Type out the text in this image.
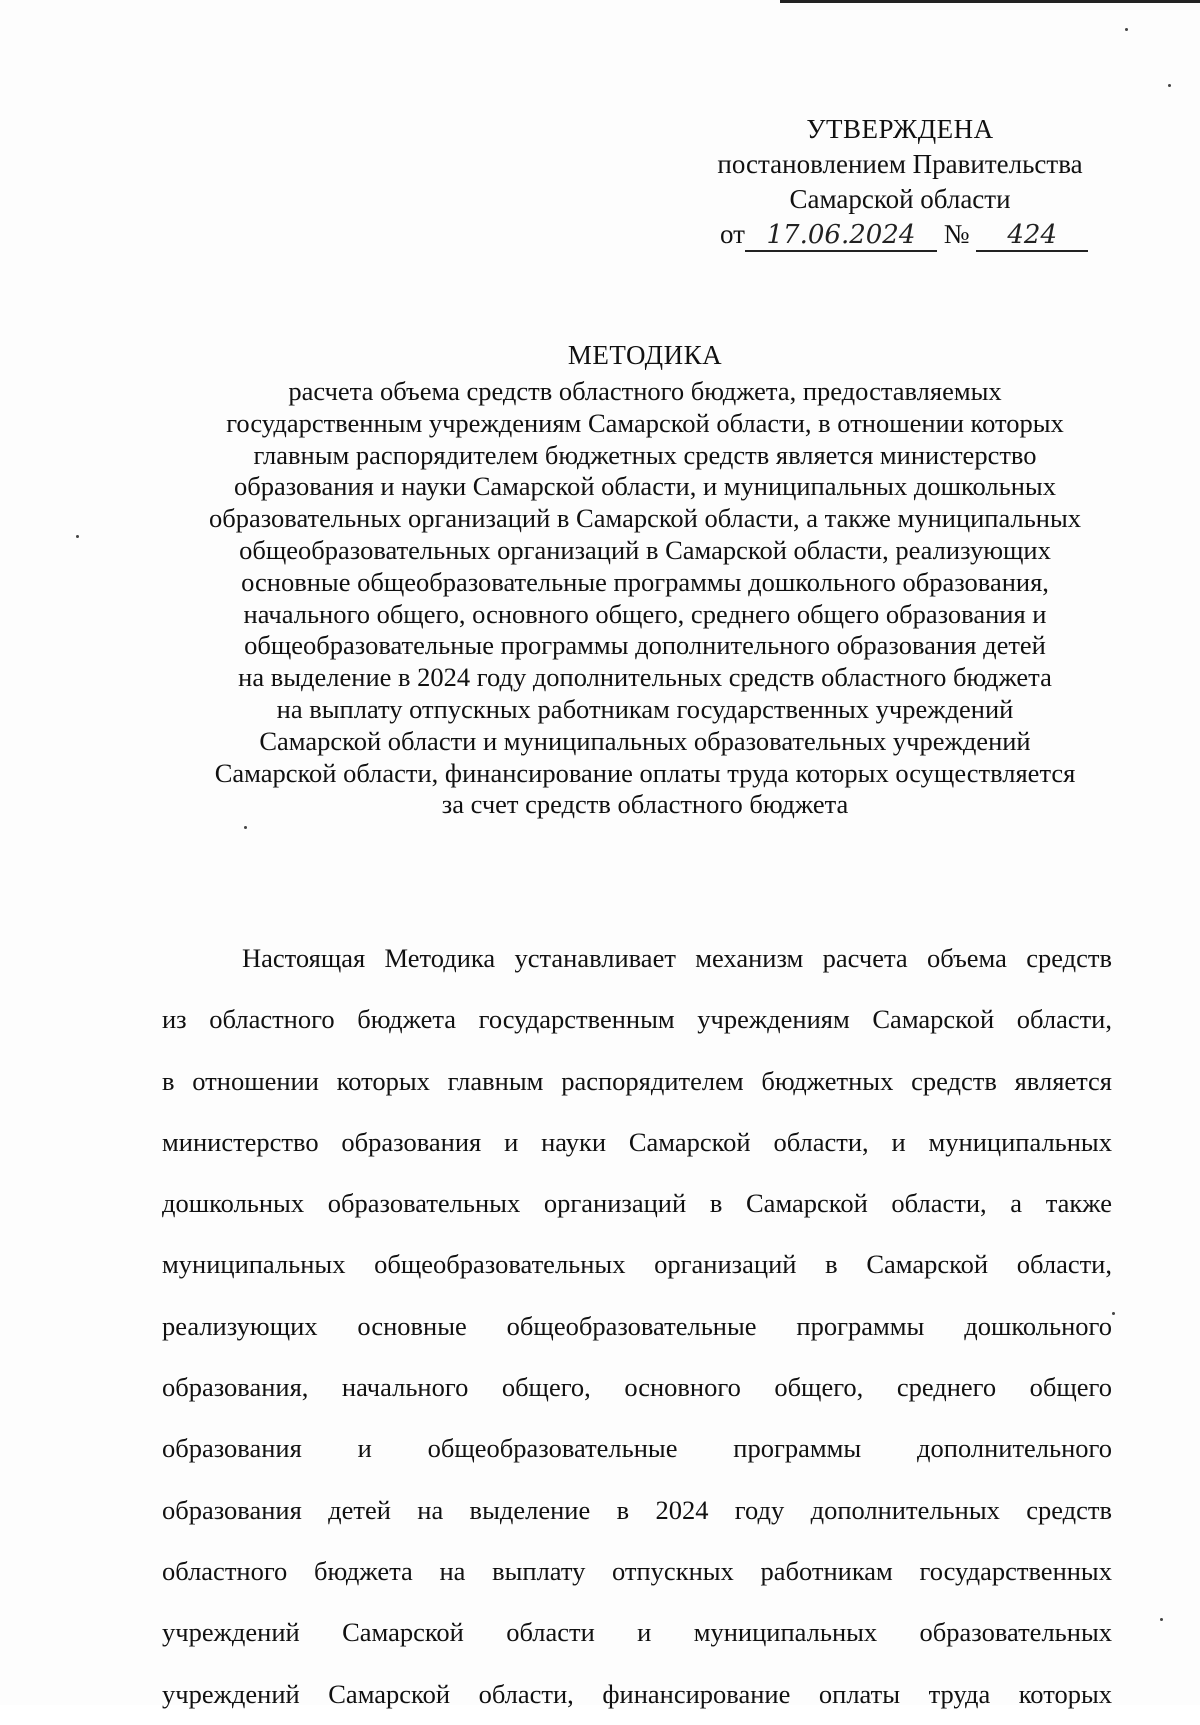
УТВЕРЖДЕНА
постановлением Правительства
Самарской области
от 17.06.2024 № 424
МЕТОДИКА
расчета объема средств областного бюджета, предоставляемых
государственным учреждениям Самарской области, в отношении которых
главным распорядителем бюджетных средств является министерство
образования и науки Самарской области, и муниципальных дошкольных
образовательных организаций в Самарской области, а также муниципальных
общеобразовательных организаций в Самарской области, реализующих
основные общеобразовательные программы дошкольного образования,
начального общего, основного общего, среднего общего образования и
общеобразовательные программы дополнительного образования детей
на выделение в 2024 году дополнительных средств областного бюджета
на выплату отпускных работникам государственных учреждений
Самарской области и муниципальных образовательных учреждений
Самарской области, финансирование оплаты труда которых осуществляется
за счет средств областного бюджета
Настоящая Методика устанавливает механизм расчета объема средств
из областного бюджета государственным учреждениям Самарской области,
в отношении которых главным распорядителем бюджетных средств является
министерство образования и науки Самарской области, и муниципальных
дошкольных образовательных организаций в Самарской области, а также
муниципальных общеобразовательных организаций в Самарской области,
реализующих основные общеобразовательные программы дошкольного
образования, начального общего, основного общего, среднего общего
образования и общеобразовательные программы дополнительного
образования детей на выделение в 2024 году дополнительных средств
областного бюджета на выплату отпускных работникам государственных
учреждений Самарской области и муниципальных образовательных
учреждений Самарской области, финансирование оплаты труда которых
